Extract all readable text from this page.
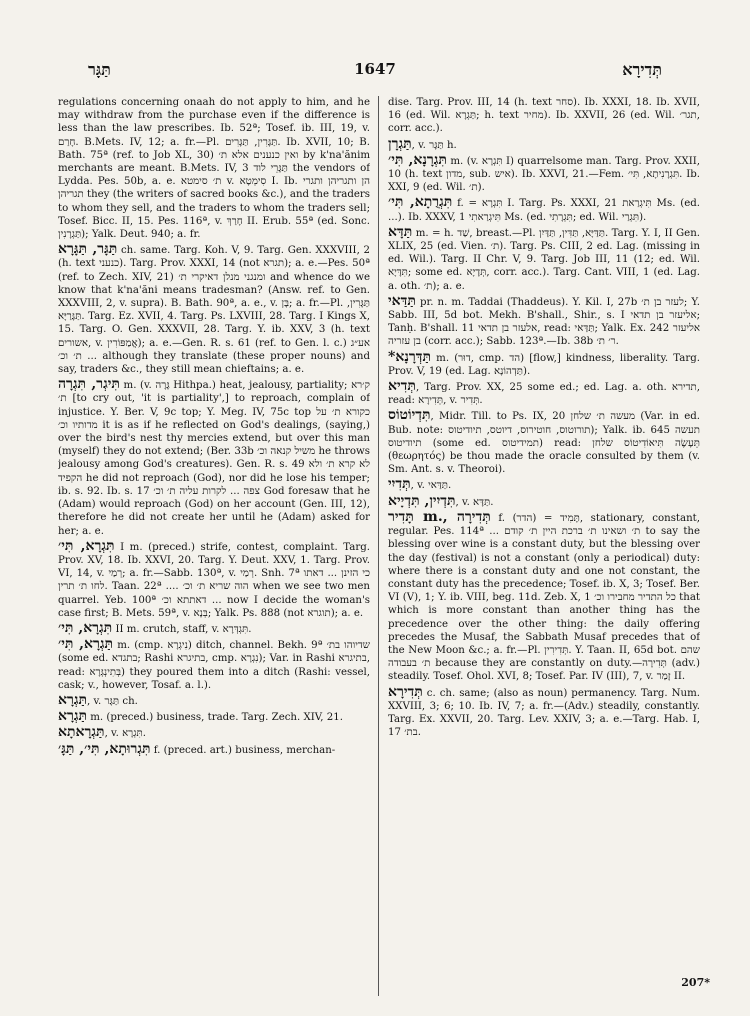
תַּגָּר	1647	תְּדִירָא

regulations concerning onaah do not apply to him, and he may withdraw from the purchase even if the difference is less than the law prescribes. Ib. 52ª; Tosef. ib. III, 19, v. חָרַם. B.Mets. IV, 12; a. fr.—Pl. תַּגָּרִין, תַּגָּרִים. Ib. XVII, 10; B. Bath. 75ª (ref. to Job XL, 30) ואין כנענים אלא ת׳ by k'na'ănim merchants are meant. B.Mets. IV, 3 תַּגָּרֵי לוד the vendors of Lydda. Pes. 50b, a. e. ת׳ סימטא v. סִימְטָא I. Ib. הן ותגריהן ותגרי תגריהן they (the writers of sacred books &c.), and the traders to whom they sell, and the traders to whom the traders sell; Tosef. Bicc. II, 15. Pes. 116ª, v. חָרַךְ II. Erub. 55ª (ed. Sonc. תַּגְרָנִין); Yalk. Deut. 940; a. fr.

תַּגָּר, תַּגָּרָא ch. same. Targ. Koh. V, 9. Targ. Gen. XXXVIII, 2 (h. text כנעני). Targ. Prov. XXXI, 14 (not תגרא); a. e.—Pes. 50ª (ref. to Zech. XIV, 21) ומנגני מנלן דאיקרי ת׳ and whence do we know that k'na'ăni means tradesman? (Answ. ref. to Gen. XXXVIII, 2, v. supra). B. Bath. 90ª, a. e., v. בָּן; a. fr.—Pl. תַּגָּרִין, תַּגָּרַיָּא. Targ. Ez. XVII, 4. Targ. Ps. LXVIII, 28. Targ. I Kings X, 15. Targ. O. Gen. XXXVII, 28. Targ. Y. ib. XXV, 3 (h. text אשורים, v. אֲמַפּוֹרִין); a. e.—Gen. R. s. 61 (ref. to Gen. l. c.) אע״ג ... ת׳ וכ׳ although they translate (these proper nouns) and say, traders &c., they still mean chieftains; a. e.

תִּיגְר, תִּגְרָה m. (v. גָּרָה Hithpa.) heat, jealousy, partiality; ק׳רא ת׳ [to cry out, 'it is partiality',] to reproach, complain of injustice. Y. Ber. V, 9c top; Y. Meg. IV, 75c top כקורא ת׳ על מדותיו וכ׳ it is as if he reflected on God's dealings, (saying,) over the bird's nest thy mercies extend, but over this man (myself) they do not extend; (Ber. 33b משיל קנאה וכ׳ he throws jealousy among God's creatures). Gen. R. s. 49 לא קרא ת׳ ולא הקפיד he did not reproach (God), nor did he lose his temper; ib. s. 92. Ib. s. 17 צפה ... לקרות עליה ת׳ וכ׳ God foresaw that he (Adam) would reproach (God) on her account (Gen. III, 12), therefore he did not create her until he (Adam) asked for her; a. e.

תִּגְרָא, תִּי׳ I m. (preced.) strife, contest, complaint. Targ. Prov. XV, 18. Ib. XXVI, 20. Targ. Y. Deut. XXV, 1. Targ. Prov. VI, 14, v. רְמַי; a. fr.—Sabb. 130ª, v. רְמַי. Snh. 7ª כי הזינן ... דאתו לחו ת׳ תרין. Taan. 22ª .... הוה שריא ת׳ וכ׳ when we see two men quarrel. Yeb. 100ª דאתתא וכ׳ ... now I decide the woman's case first; B. Mets. 59ª, v. בְּנָא; Yalk. Ps. 888 (not תוגרא); a. e.

תִּגְרָא, תִּי׳ II m. crutch, staff, v. תִּגְדְּרָא.

תַּגְרָא, תִּי׳ m. (cmp. נִיגְרָא) ditch, channel. Bekh. 9ª שדיוהו בת׳ (some ed. בתגדא; Rashi בתיגרא, cmp. נִגְרָא); Var. in Rashi בתיגרא, read: בְּתִינְגְּרָא) they poured them into a ditch (Rashi: vessel, cask; v., however, Tosaf. a. l.).

תַּגְרָא, v. תַּגָּר ch.

תַּגְרָא m. (preced.) business, trade. Targ. Zech. XIV, 21.

תַּגְרָאתָא, v. תִּגְרָא.

תִּגְרוּתָא, תִּי׳, תַּגָּ׳ f. (preced. art.) business, merchan-

dise. Targ. Prov. III, 14 (h. text סחר). Ib. XXXI, 18. Ib. XVII, 16 (ed. Wil. תַּגְרָא; h. text מחיר). Ib. XXVII, 26 (ed. Wil. תגר׳, corr. acc.).

תַּגְרָן, v. תַּגָּר h.

תִּגְרָנָא, תִּי׳ m. (v. תִּגְרָא I) quarrelsome man. Targ. Prov. XXII, 10 (h. text מדון, sub. איש). Ib. XXVI, 21.—Fem. תִּגְרָנִיתָא, תִּי׳. Ib. XXI, 9 (ed. Wil. ת׳).

תִּגְרֻתָא, תִּי׳ f. = תִּגְרָא I. Targ. Ps. XXXI, 21 תִּיגְרַאת Ms. (ed. ...). Ib. XXXV, 1 תִּיגְרַאתִי Ms. (ed. תִּגְרָתִי; ed. Wil. תִּגְרַי).

תַּדָּא m. = h. שַׁד, breast.—Pl. תַּדַּיָּא, תַּדִּין, תַּדַּיִן. Targ. Y. I, II Gen. XLIX, 25 (ed. Vien. ת׳). Targ. Ps. CIII, 2 ed. Lag. (missing in ed. Wil.). Targ. II Chr. V, 9. Targ. Job III, 11 (12; ed. Wil. תִּדָּיָא; some ed. תְּדָיָא, corr. acc.). Targ. Cant. VIII, 1 (ed. Lag. a. oth. ת׳); a. e.

תַּדַּאי pr. n. m. Taddai (Thaddeus). Y. Kil. I, 27b לעזר בן ת׳; Y. Sabb. III, 5d bot. Mekh. B'shall., Shir., s. I אליעזר בן תדאי; Tanḥ. B'shall. 11 אלעזר בן תדאי, read: תַּדַּאי; Yalk. Ex. 242 אליעזר בן עזריה (corr. acc.); Sabb. 123ª.—Ib. 38b ר׳ ת׳.

*תַּדְּרָנָא m. (דוּר, cmp. הד) [flow,] kindness, liberality. Targ. Prov. V, 19 (ed. Lag. תַּדְהוֹנָא).

תְּדִיא, Targ. Prov. XX, 25 some ed.; ed. Lag. a. oth. תדירא, read: תְּדִירָא, v. תְּדִיר.

תִּדְיוֹטוֹס, Midr. Till. to Ps. IX, 20 מעשה ת׳ שלחן (Var. in ed. Bub. note: תורוטוס, חוטירוס, דיוטס, תיודיטוס); Yalk. ib. 645 תעשה תיודיטוס (some ed. תמידיטוס) read: תֵּעָשֶׂה תִּיאוֹדִיטוֹס שלחן (θεωρητός) be thou made the oracle consulted by them (v. Sm. Ant. s. v. Theoroi).

תְּדִיִי, v. תַּדַּאי.

תִּדְיִין, תִּדְיָיא, v. תַּדָּא.

תָּדִיר m., תְּדִירָה f. (הדר) = תָּמִיד, stationary, constant, regular. Pes. 114ª ... ת׳ ושאינו ת׳ ברכת היין ת׳ קודם to say the blessing over wine is a constant duty, but the blessing over the day (festival) is not a constant (only a periodical) duty: where there is a constant duty and one not constant, the constant duty has the precedence; Tosef. ib. X, 3; Tosef. Ber. VI (V), 1; Y. ib. VIII, beg. 11d. Zeb. X, 1 כל התדיר מחבירו וכ׳ that which is more constant than another thing has the precedence over the other thing: the daily offering precedes the Musaf, the Sabbath Musaf precedes that of the New Moon &c.; a. fr.—Pl. תְּדִירִין. Y. Taan. II, 65d bot. שהם ת׳ בעבודה because they are constantly on duty.—תְּדִירָה (adv.) steadily. Tosef. Ohol. XVI, 8; Tosef. Par. IV (III), 7, v. זָמַר II.

תְּדִירָא c. ch. same; (also as noun) permanency. Targ. Num. XXVIII, 3; 6; 10. Ib. IV, 7; a. fr.—(Adv.) steadily, constantly. Targ. Ex. XXVII, 20. Targ. Lev. XXIV, 3; a. e.—Targ. Hab. I, 17 בת׳.

207*
